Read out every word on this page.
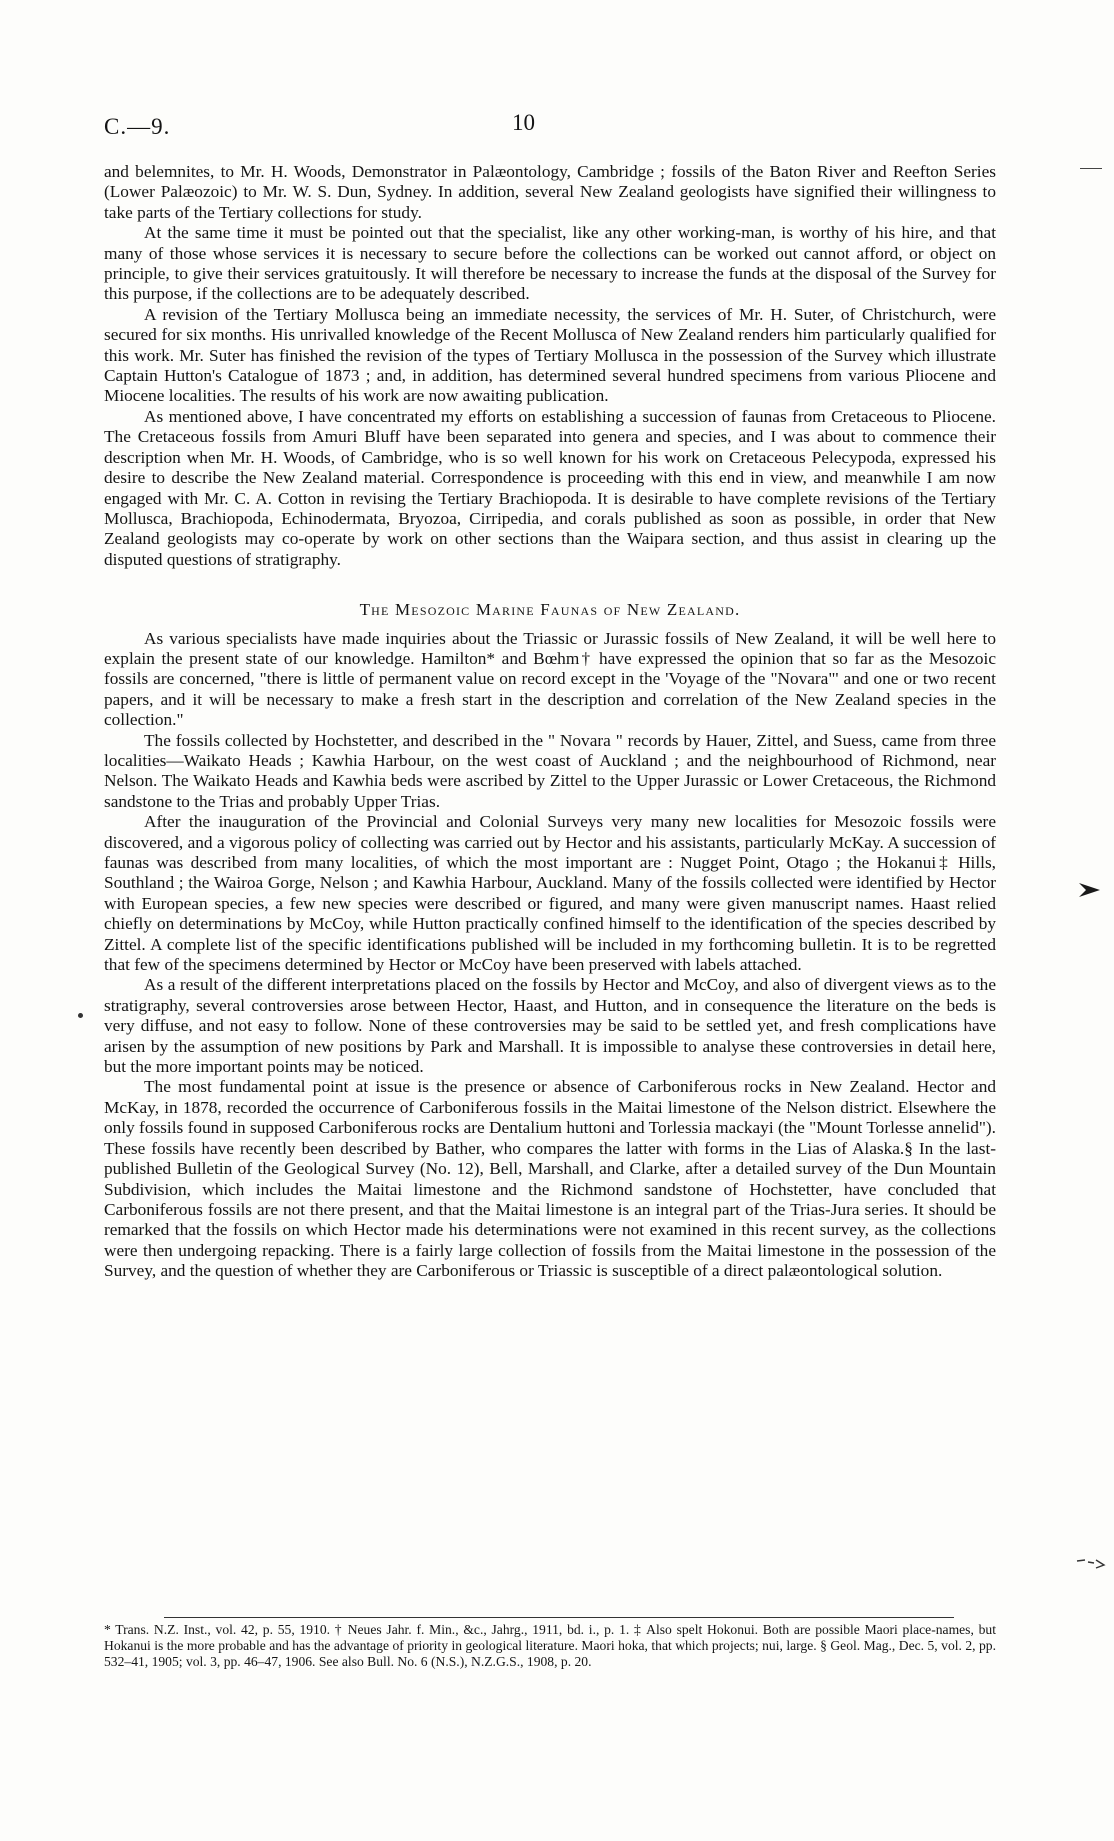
C.—9.	10

and belemnites, to Mr. H. Woods, Demonstrator in Palæontology, Cambridge ; fossils of the Baton River and Reefton Series (Lower Palæozoic) to Mr. W. S. Dun, Sydney. In addition, several New Zealand geologists have signified their willingness to take parts of the Tertiary collections for study.

At the same time it must be pointed out that the specialist, like any other working-man, is worthy of his hire, and that many of those whose services it is necessary to secure before the collections can be worked out cannot afford, or object on principle, to give their services gratuitously. It will therefore be necessary to increase the funds at the disposal of the Survey for this purpose, if the collections are to be adequately described.

A revision of the Tertiary Mollusca being an immediate necessity, the services of Mr. H. Suter, of Christchurch, were secured for six months. His unrivalled knowledge of the Recent Mollusca of New Zealand renders him particularly qualified for this work. Mr. Suter has finished the revision of the types of Tertiary Mollusca in the possession of the Survey which illustrate Captain Hutton's Catalogue of 1873 ; and, in addition, has determined several hundred specimens from various Pliocene and Miocene localities. The results of his work are now awaiting publication.

As mentioned above, I have concentrated my efforts on establishing a succession of faunas from Cretaceous to Pliocene. The Cretaceous fossils from Amuri Bluff have been separated into genera and species, and I was about to commence their description when Mr. H. Woods, of Cambridge, who is so well known for his work on Cretaceous Pelecypoda, expressed his desire to describe the New Zealand material. Correspondence is proceeding with this end in view, and meanwhile I am now engaged with Mr. C. A. Cotton in revising the Tertiary Brachiopoda. It is desirable to have complete revisions of the Tertiary Mollusca, Brachiopoda, Echinodermata, Bryozoa, Cirripedia, and corals published as soon as possible, in order that New Zealand geologists may co-operate by work on other sections than the Waipara section, and thus assist in clearing up the disputed questions of stratigraphy.

The Mesozoic Marine Faunas of New Zealand.

As various specialists have made inquiries about the Triassic or Jurassic fossils of New Zealand, it will be well here to explain the present state of our knowledge. Hamilton* and Bœhm† have expressed the opinion that so far as the Mesozoic fossils are concerned, "there is little of permanent value on record except in the 'Voyage of the "Novara"' and one or two recent papers, and it will be necessary to make a fresh start in the description and correlation of the New Zealand species in the collection."

The fossils collected by Hochstetter, and described in the " Novara " records by Hauer, Zittel, and Suess, came from three localities—Waikato Heads ; Kawhia Harbour, on the west coast of Auckland ; and the neighbourhood of Richmond, near Nelson. The Waikato Heads and Kawhia beds were ascribed by Zittel to the Upper Jurassic or Lower Cretaceous, the Richmond sandstone to the Trias and probably Upper Trias.

After the inauguration of the Provincial and Colonial Surveys very many new localities for Mesozoic fossils were discovered, and a vigorous policy of collecting was carried out by Hector and his assistants, particularly McKay. A succession of faunas was described from many localities, of which the most important are : Nugget Point, Otago ; the Hokanui‡ Hills, Southland ; the Wairoa Gorge, Nelson ; and Kawhia Harbour, Auckland. Many of the fossils collected were identified by Hector with European species, a few new species were described or figured, and many were given manuscript names. Haast relied chiefly on determinations by McCoy, while Hutton practically confined himself to the identification of the species described by Zittel. A complete list of the specific identifications published will be included in my forthcoming bulletin. It is to be regretted that few of the specimens determined by Hector or McCoy have been preserved with labels attached.

As a result of the different interpretations placed on the fossils by Hector and McCoy, and also of divergent views as to the stratigraphy, several controversies arose between Hector, Haast, and Hutton, and in consequence the literature on the beds is very diffuse, and not easy to follow. None of these controversies may be said to be settled yet, and fresh complications have arisen by the assumption of new positions by Park and Marshall. It is impossible to analyse these controversies in detail here, but the more important points may be noticed.

The most fundamental point at issue is the presence or absence of Carboniferous rocks in New Zealand. Hector and McKay, in 1878, recorded the occurrence of Carboniferous fossils in the Maitai limestone of the Nelson district. Elsewhere the only fossils found in supposed Carboniferous rocks are Dentalium huttoni and Torlessia mackayi (the "Mount Torlesse annelid"). These fossils have recently been described by Bather, who compares the latter with forms in the Lias of Alaska.§ In the last-published Bulletin of the Geological Survey (No. 12), Bell, Marshall, and Clarke, after a detailed survey of the Dun Mountain Subdivision, which includes the Maitai limestone and the Richmond sandstone of Hochstetter, have concluded that Carboniferous fossils are not there present, and that the Maitai limestone is an integral part of the Trias-Jura series. It should be remarked that the fossils on which Hector made his determinations were not examined in this recent survey, as the collections were then undergoing repacking. There is a fairly large collection of fossils from the Maitai limestone in the possession of the Survey, and the question of whether they are Carboniferous or Triassic is susceptible of a direct palæontological solution.

* Trans. N.Z. Inst., vol. 42, p. 55, 1910. † Neues Jahr. f. Min., &c., Jahrg., 1911, bd. i., p. 1. ‡ Also spelt Hokonui. Both are possible Maori place-names, but Hokanui is the more probable and has the advantage of priority in geological literature. Maori hoka, that which projects; nui, large. § Geol. Mag., Dec. 5, vol. 2, pp. 532–41, 1905; vol. 3, pp. 46–47, 1906. See also Bull. No. 6 (N.S.), N.Z.G.S., 1908, p. 20.
